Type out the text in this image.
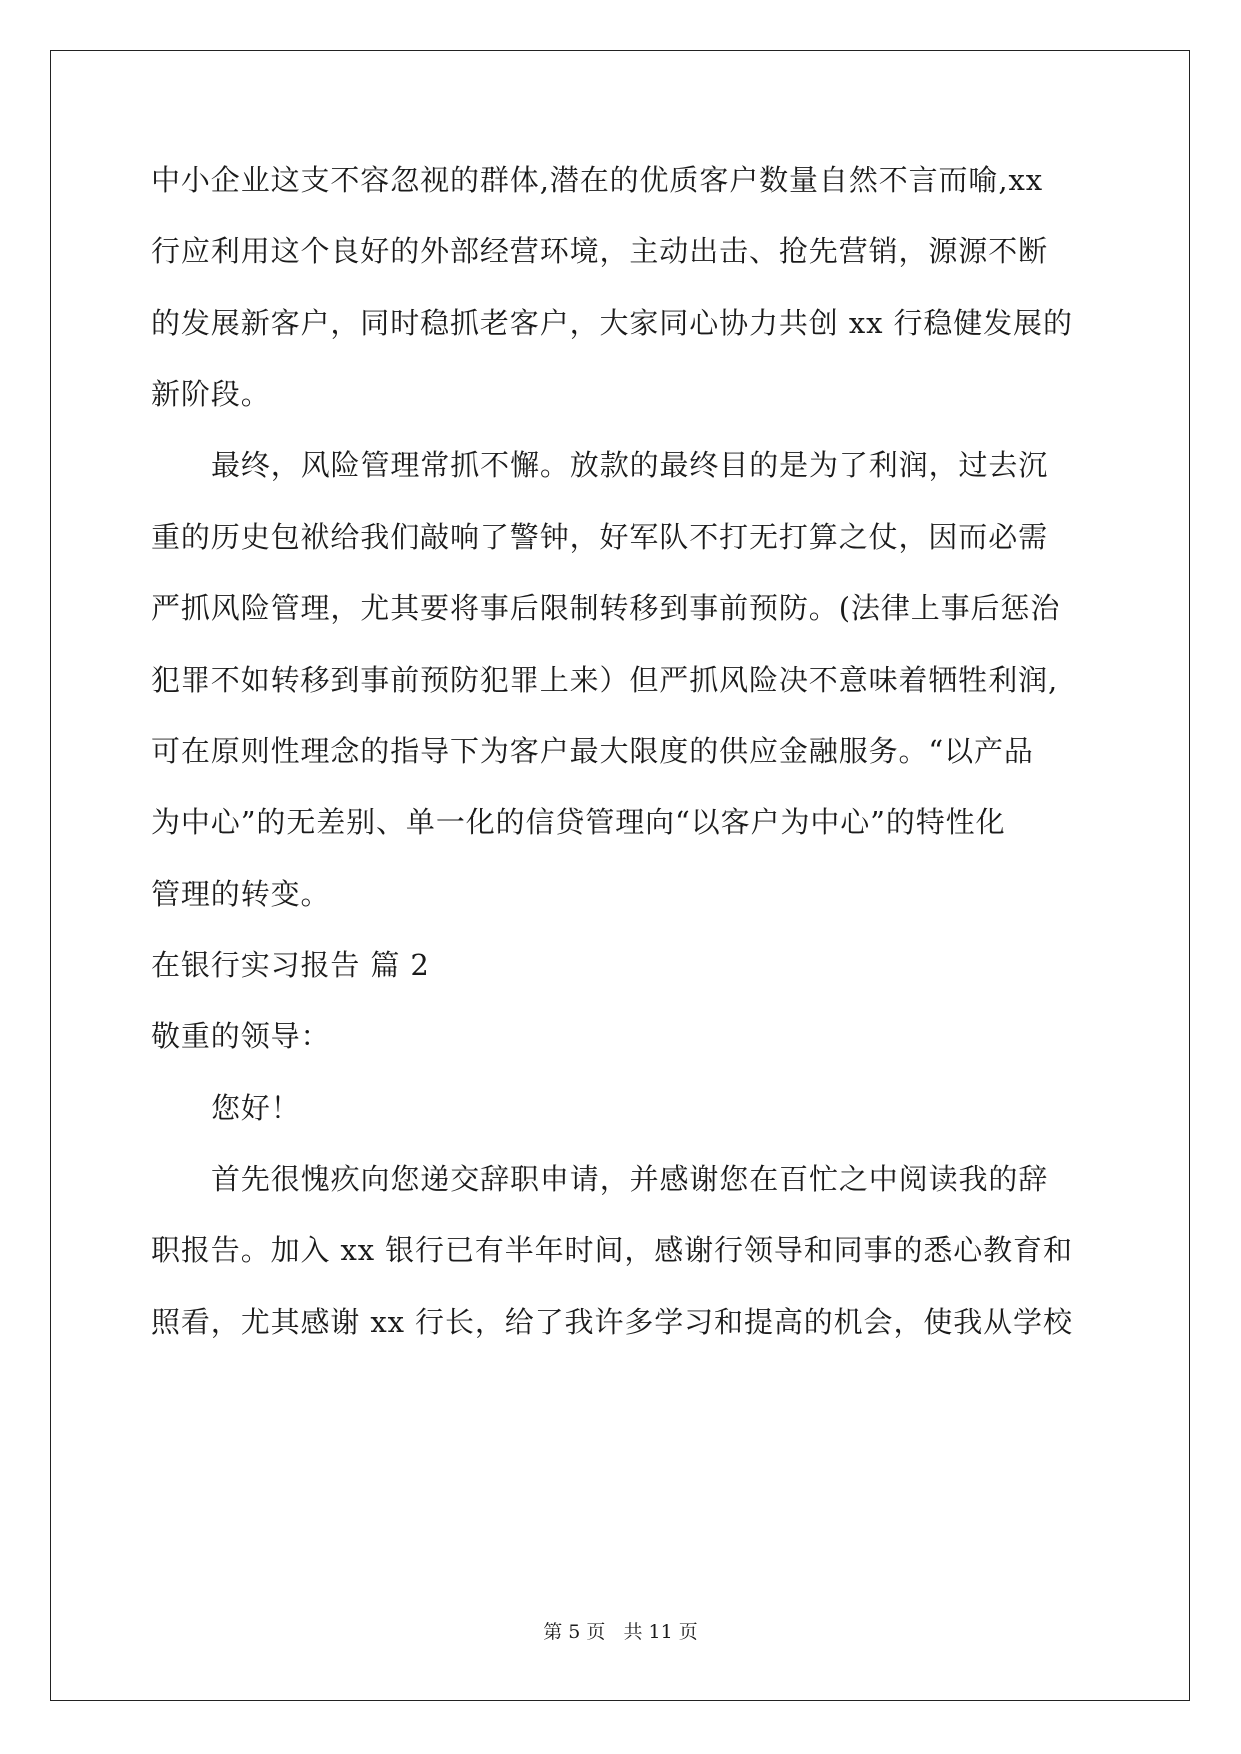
中小企业这支不容忽视的群体,潜在的优质客户数量自然不言而喻,xx
行应利用这个良好的外部经营环境，主动出击、抢先营销，源源不断
的发展新客户，同时稳抓老客户，大家同心协力共创 xx 行稳健发展的
新阶段。
最终，风险管理常抓不懈。放款的最终目的是为了利润，过去沉
重的历史包袱给我们敲响了警钟，好军队不打无打算之仗，因而必需
严抓风险管理，尤其要将事后限制转移到事前预防。(法律上事后惩治
犯罪不如转移到事前预防犯罪上来）但严抓风险决不意味着牺牲利润,
可在原则性理念的指导下为客户最大限度的供应金融服务。“以产品
为中心”的无差别、单一化的信贷管理向“以客户为中心”的特性化
管理的转变。
在银行实习报告 篇 2
敬重的领导：
您好！
首先很愧疚向您递交辞职申请，并感谢您在百忙之中阅读我的辞
职报告。加入 xx 银行已有半年时间，感谢行领导和同事的悉心教育和
照看，尤其感谢 xx 行长，给了我许多学习和提高的机会，使我从学校
第 5 页 共 11 页
